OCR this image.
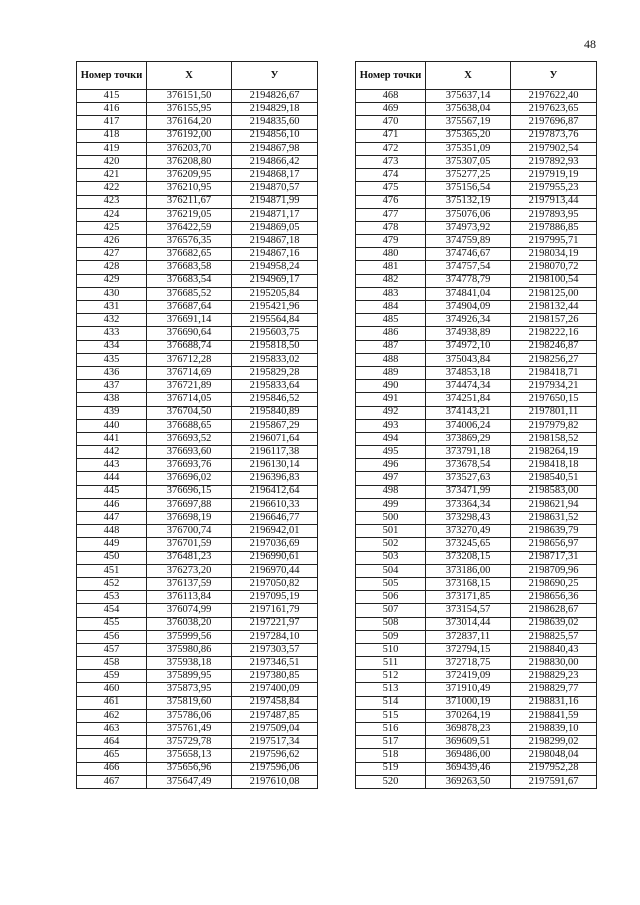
48
Номер точки	X	У
415	376151,50	2194826,67
416	376155,95	2194829,18
417	376164,20	2194835,60
418	376192,00	2194856,10
419	376203,70	2194867,98
420	376208,80	2194866,42
421	376209,95	2194868,17
422	376210,95	2194870,57
423	376211,67	2194871,99
424	376219,05	2194871,17
425	376422,59	2194869,05
426	376576,35	2194867,18
427	376682,65	2194867,16
428	376683,58	2194958,24
429	376683,54	2194969,17
430	376685,52	2195205,84
431	376687,64	2195421,96
432	376691,14	2195564,84
433	376690,64	2195603,75
434	376688,74	2195818,50
435	376712,28	2195833,02
436	376714,69	2195829,28
437	376721,89	2195833,64
438	376714,05	2195846,52
439	376704,50	2195840,89
440	376688,65	2195867,29
441	376693,52	2196071,64
442	376693,60	2196117,38
443	376693,76	2196130,14
444	376696,02	2196396,83
445	376696,15	2196412,64
446	376697,88	2196610,33
447	376698,19	2196646,77
448	376700,74	2196942,01
449	376701,59	2197036,69
450	376481,23	2196990,61
451	376273,20	2196970,44
452	376137,59	2197050,82
453	376113,84	2197095,19
454	376074,99	2197161,79
455	376038,20	2197221,97
456	375999,56	2197284,10
457	375980,86	2197303,57
458	375938,18	2197346,51
459	375899,95	2197380,85
460	375873,95	2197400,09
461	375819,60	2197458,84
462	375786,06	2197487,85
463	375761,49	2197509,04
464	375729,78	2197517,34
465	375658,13	2197596,62
466	375656,96	2197596,06
467	375647,49	2197610,08
Номер точки	X	У
468	375637,14	2197622,40
469	375638,04	2197623,65
470	375567,19	2197696,87
471	375365,20	2197873,76
472	375351,09	2197902,54
473	375307,05	2197892,93
474	375277,25	2197919,19
475	375156,54	2197955,23
476	375132,19	2197913,44
477	375076,06	2197893,95
478	374973,92	2197886,85
479	374759,89	2197995,71
480	374746,67	2198034,19
481	374757,54	2198070,72
482	374778,79	2198100,54
483	374841,04	2198125,00
484	374904,09	2198132,44
485	374926,34	2198157,26
486	374938,89	2198222,16
487	374972,10	2198246,87
488	375043,84	2198256,27
489	374853,18	2198418,71
490	374474,34	2197934,21
491	374251,84	2197650,15
492	374143,21	2197801,11
493	374006,24	2197979,82
494	373869,29	2198158,52
495	373791,18	2198264,19
496	373678,54	2198418,18
497	373527,63	2198540,51
498	373471,99	2198583,00
499	373364,34	2198621,94
500	373298,43	2198631,52
501	373270,49	2198639,79
502	373245,65	2198656,97
503	373208,15	2198717,31
504	373186,00	2198709,96
505	373168,15	2198690,25
506	373171,85	2198656,36
507	373154,57	2198628,67
508	373014,44	2198639,02
509	372837,11	2198825,57
510	372794,15	2198840,43
511	372718,75	2198830,00
512	372419,09	2198829,23
513	371910,49	2198829,77
514	371000,19	2198831,16
515	370264,19	2198841,59
516	369878,23	2198839,10
517	369609,51	2198299,02
518	369486,00	2198048,04
519	369439,46	2197952,28
520	369263,50	2197591,67
